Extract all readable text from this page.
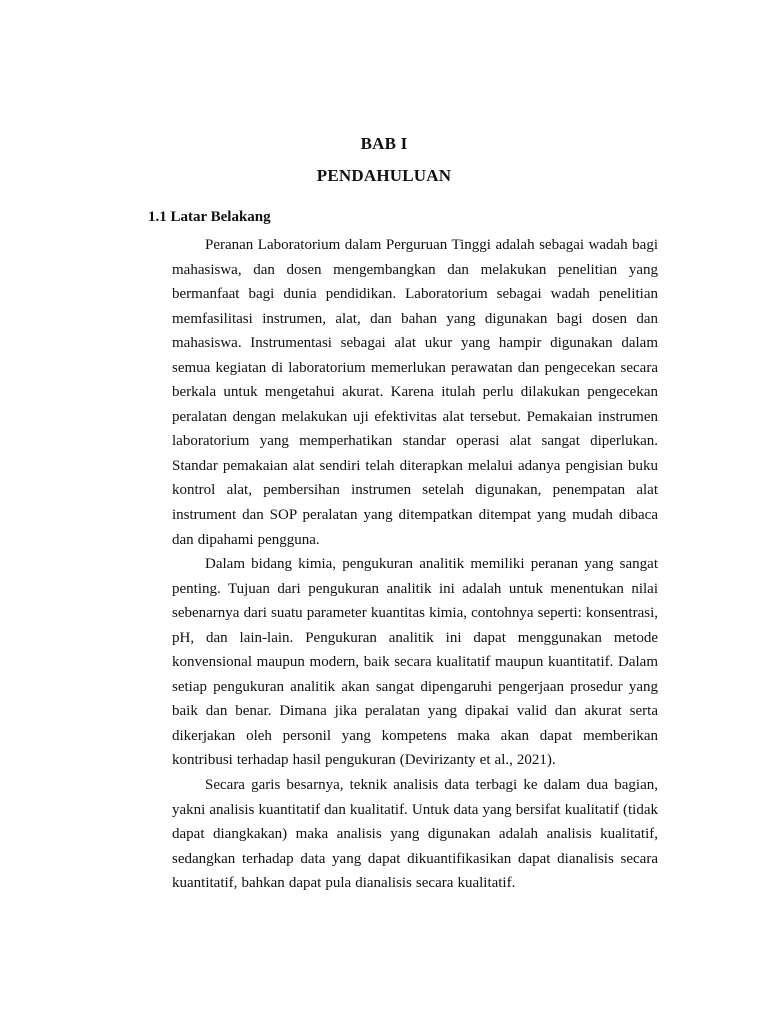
BAB I
PENDAHULUAN
1.1 Latar Belakang

Peranan Laboratorium dalam Perguruan Tinggi adalah sebagai wadah bagi mahasiswa, dan dosen mengembangkan dan melakukan penelitian yang bermanfaat bagi dunia pendidikan. Laboratorium sebagai wadah penelitian memfasilitasi instrumen, alat, dan bahan yang digunakan bagi dosen dan mahasiswa. Instrumentasi sebagai alat ukur yang hampir digunakan dalam semua kegiatan di laboratorium memerlukan perawatan dan pengecekan secara berkala untuk mengetahui akurat. Karena itulah perlu dilakukan pengecekan peralatan dengan melakukan uji efektivitas alat tersebut. Pemakaian instrumen laboratorium yang memperhatikan standar operasi alat sangat diperlukan. Standar pemakaian alat sendiri telah diterapkan melalui adanya pengisian buku kontrol alat, pembersihan instrumen setelah digunakan, penempatan alat instrument dan SOP peralatan yang ditempatkan ditempat yang mudah dibaca dan dipahami pengguna.

Dalam bidang kimia, pengukuran analitik memiliki peranan yang sangat penting. Tujuan dari pengukuran analitik ini adalah untuk menentukan nilai sebenarnya dari suatu parameter kuantitas kimia, contohnya seperti: konsentrasi, pH, dan lain-lain. Pengukuran analitik ini dapat menggunakan metode konvensional maupun modern, baik secara kualitatif maupun kuantitatif. Dalam setiap pengukuran analitik akan sangat dipengaruhi pengerjaan prosedur yang baik dan benar. Dimana jika peralatan yang dipakai valid dan akurat serta dikerjakan oleh personil yang kompetens maka akan dapat memberikan kontribusi terhadap hasil pengukuran (Devirizanty et al., 2021).

Secara garis besarnya, teknik analisis data terbagi ke dalam dua bagian, yakni analisis kuantitatif dan kualitatif. Untuk data yang bersifat kualitatif (tidak dapat diangkakan) maka analisis yang digunakan adalah analisis kualitatif, sedangkan terhadap data yang dapat dikuantifikasikan dapat dianalisis secara kuantitatif, bahkan dapat pula dianalisis secara kualitatif.
